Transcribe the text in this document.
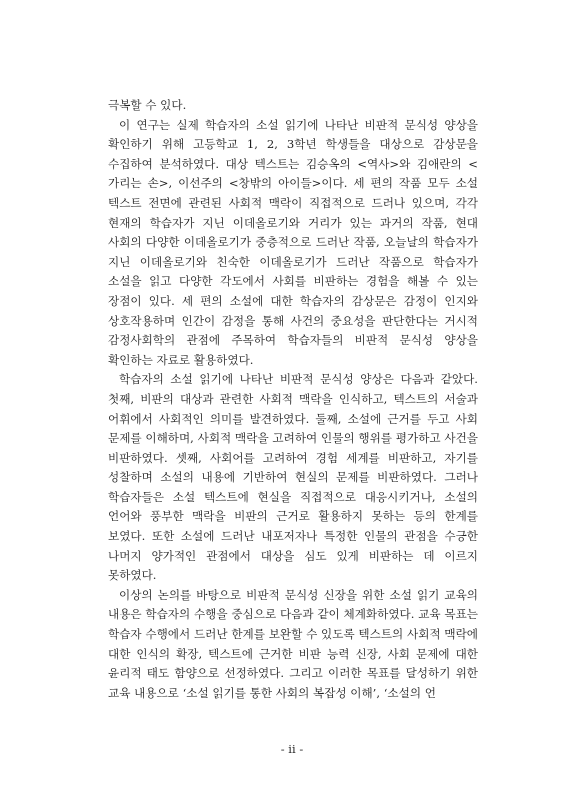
극복할 수 있다.

이 연구는 실제 학습자의 소설 읽기에 나타난 비판적 문식성 양상을 확인하기 위해 고등학교 1, 2, 3학년 학생들을 대상으로 감상문을 수집하여 분석하였다. 대상 텍스트는 김승옥의 <역사>와 김애란의 <가리는 손>, 이선주의 <창밖의 아이들>이다. 세 편의 작품 모두 소설 텍스트 전면에 관련된 사회적 맥락이 직접적으로 드러나 있으며, 각각 현재의 학습자가 지닌 이데올로기와 거리가 있는 과거의 작품, 현대 사회의 다양한 이데올로기가 중층적으로 드러난 작품, 오늘날의 학습자가 지닌 이데올로기와 친숙한 이데올로기가 드러난 작품으로 학습자가 소설을 읽고 다양한 각도에서 사회를 비판하는 경험을 해볼 수 있는 장점이 있다. 세 편의 소설에 대한 학습자의 감상문은 감정이 인지와 상호작용하며 인간이 감정을 통해 사건의 중요성을 판단한다는 거시적 감정사회학의 관점에 주목하여 학습자들의 비판적 문식성 양상을 확인하는 자료로 활용하였다.

학습자의 소설 읽기에 나타난 비판적 문식성 양상은 다음과 같았다. 첫째, 비판의 대상과 관련한 사회적 맥락을 인식하고, 텍스트의 서술과 어휘에서 사회적인 의미를 발견하였다. 둘째, 소설에 근거를 두고 사회 문제를 이해하며, 사회적 맥락을 고려하여 인물의 행위를 평가하고 사건을 비판하였다. 셋째, 사회어를 고려하여 경험 세계를 비판하고, 자기를 성찰하며 소설의 내용에 기반하여 현실의 문제를 비판하였다. 그러나 학습자들은 소설 텍스트에 현실을 직접적으로 대응시키거나, 소설의 언어와 풍부한 맥락을 비판의 근거로 활용하지 못하는 등의 한계를 보였다. 또한 소설에 드러난 내포저자나 특정한 인물의 관점을 수긍한 나머지 양가적인 관점에서 대상을 심도 있게 비판하는 데 이르지 못하였다.

이상의 논의를 바탕으로 비판적 문식성 신장을 위한 소설 읽기 교육의 내용은 학습자의 수행을 중심으로 다음과 같이 체계화하였다. 교육 목표는 학습자 수행에서 드러난 한계를 보완할 수 있도록 텍스트의 사회적 맥락에 대한 인식의 확장, 텍스트에 근거한 비판 능력 신장, 사회 문제에 대한 윤리적 태도 함양으로 선정하였다. 그리고 이러한 목표를 달성하기 위한 교육 내용으로 ‘소설 읽기를 통한 사회의 복잡성 이해’, ‘소설의 언

- ii -
